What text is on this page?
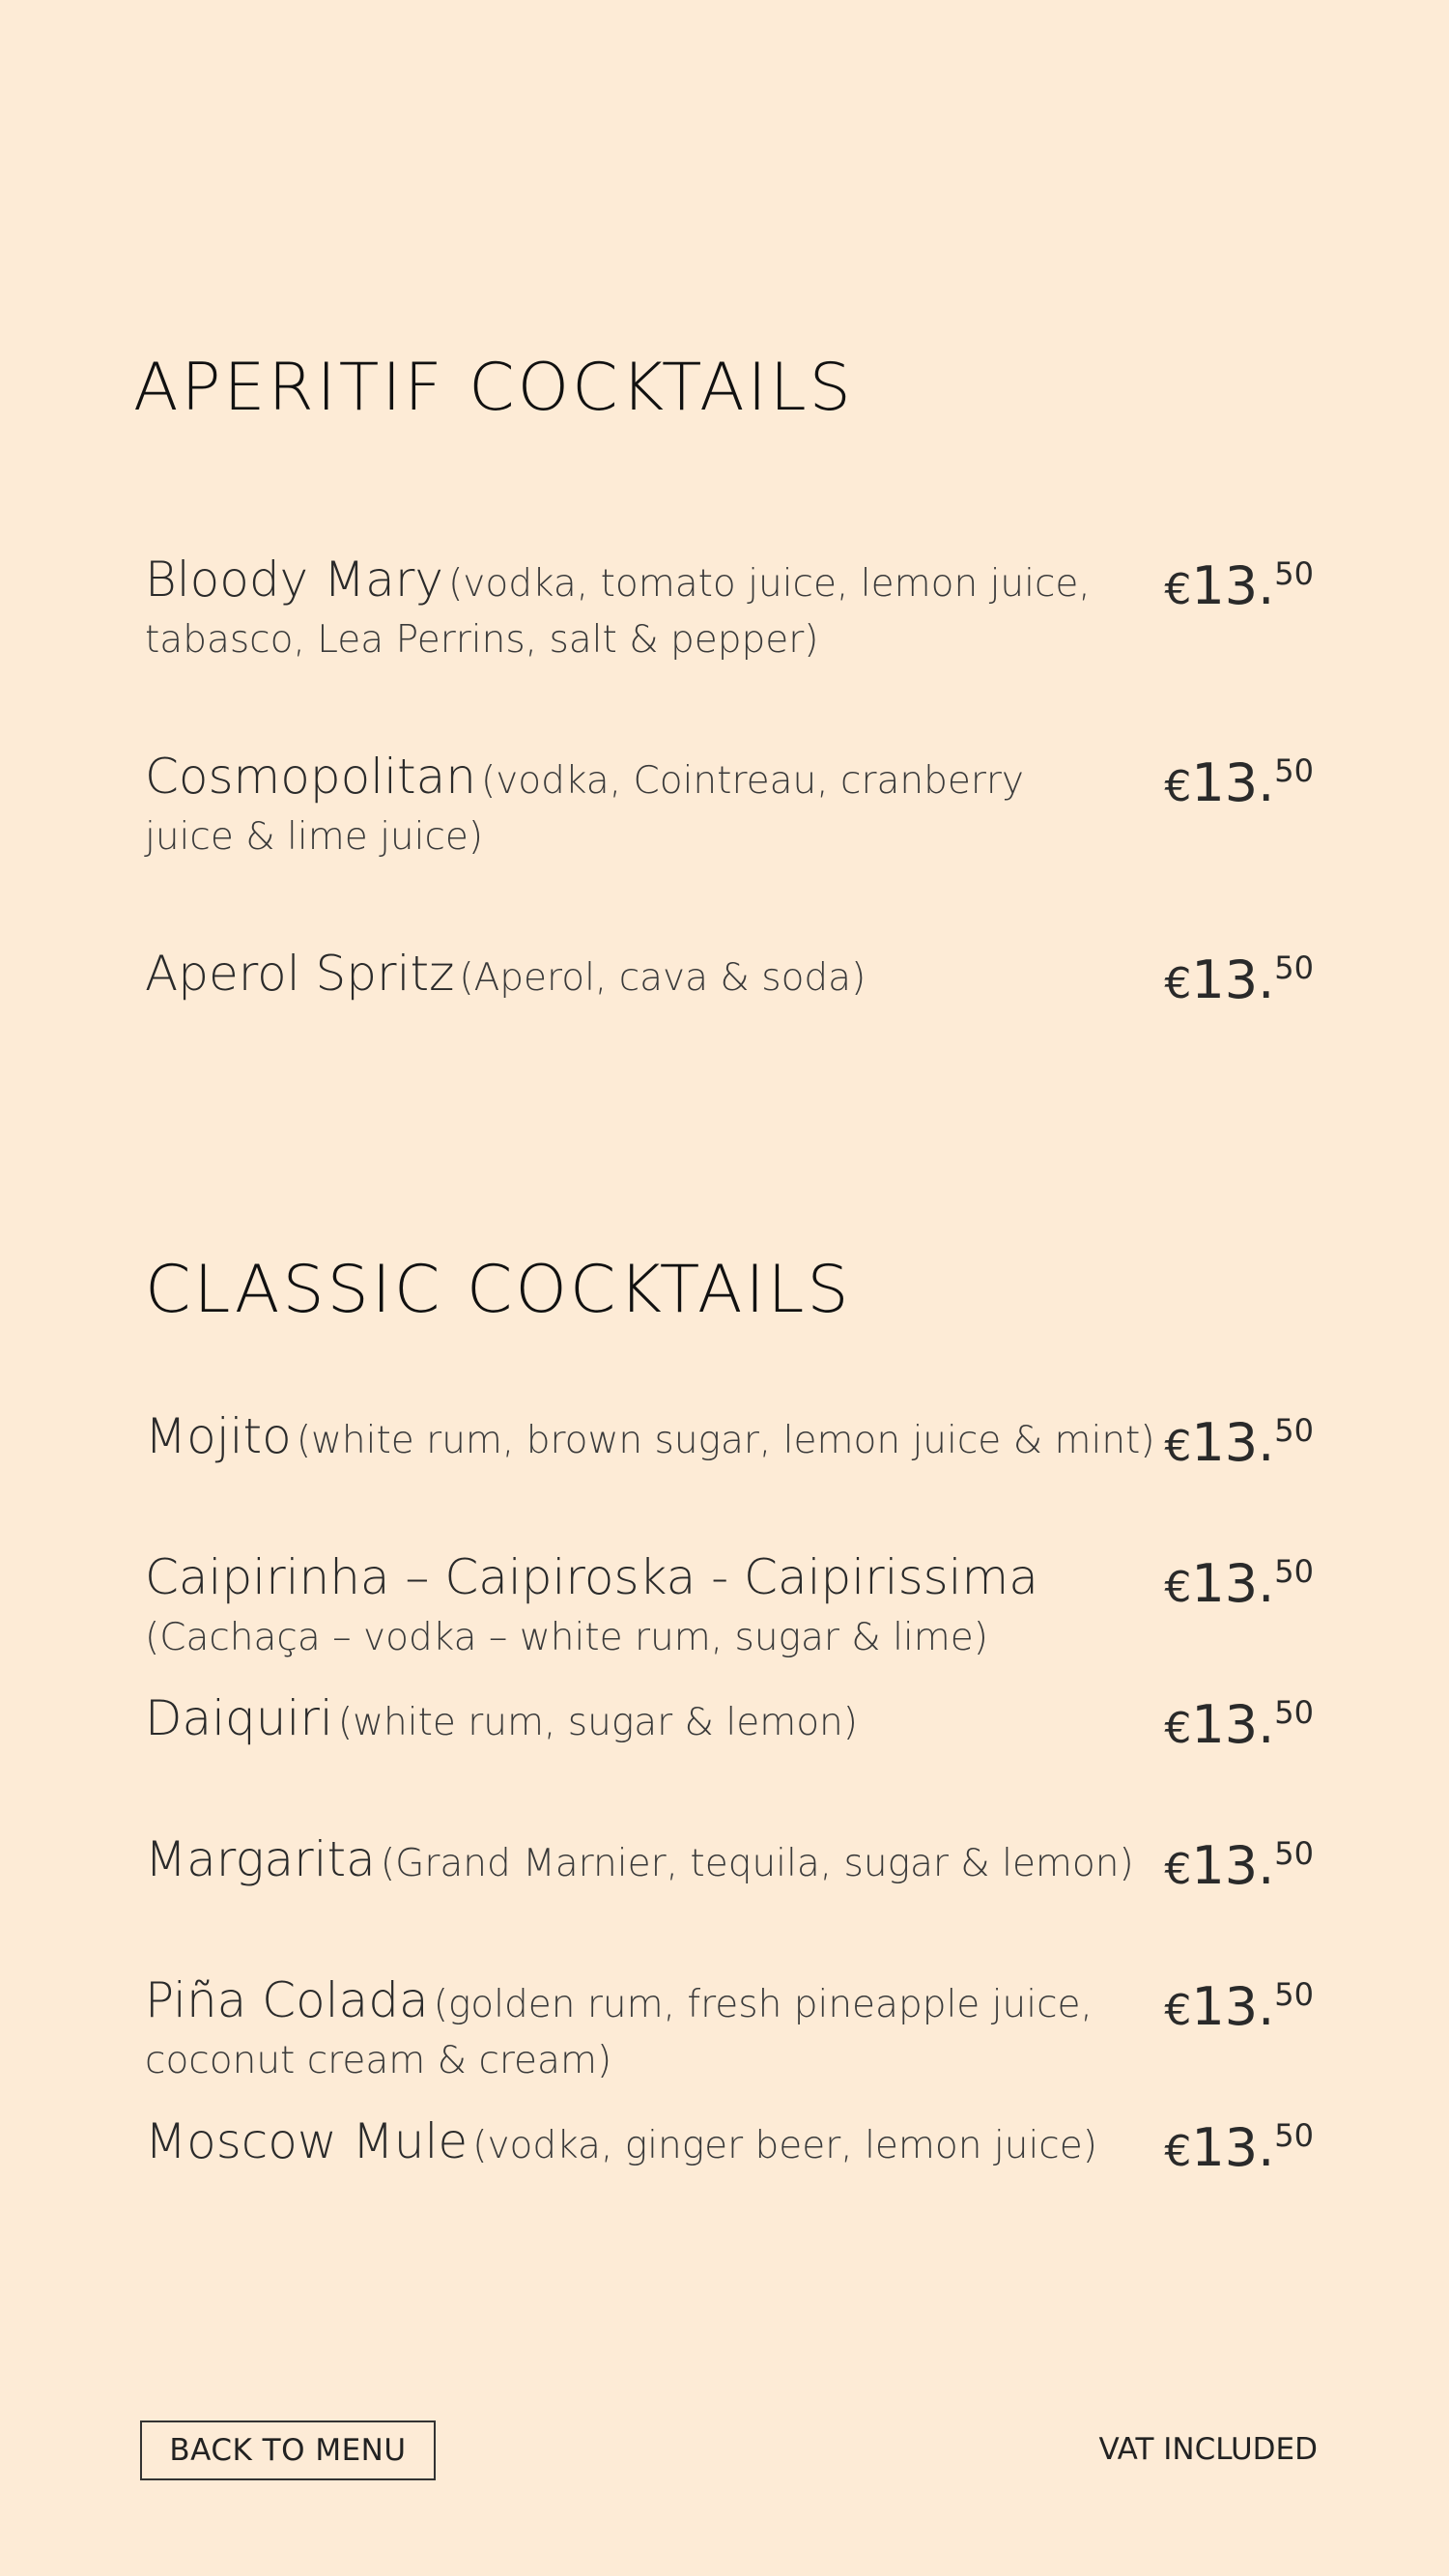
APERITIF COCKTAILS
Bloody Mary (vodka, tomato juice, lemon juice, tabasco, Lea Perrins, salt & pepper)
€13.50
Cosmopolitan (vodka, Cointreau, cranberry juice & lime juice)
€13.50
Aperol Spritz (Aperol, cava & soda)	€13.50
CLASSIC COCKTAILS
Mojito (white rum, brown sugar, lemon juice & mint) €13.50
Caipirinha – Caipiroska - Caipirissima
(Cachaça – vodka – white rum, sugar & lime)
€13.50
Daiquiri (white rum, sugar & lemon)	€13.50
Margarita (Grand Marnier, tequila, sugar & lemon) €13.50
Piña Colada (golden rum, fresh pineapple juice, coconut cream & cream)
€13.50
Moscow Mule (vodka, ginger beer, lemon juice)	€13.50
BACK TO MENU	VAT INCLUDED
